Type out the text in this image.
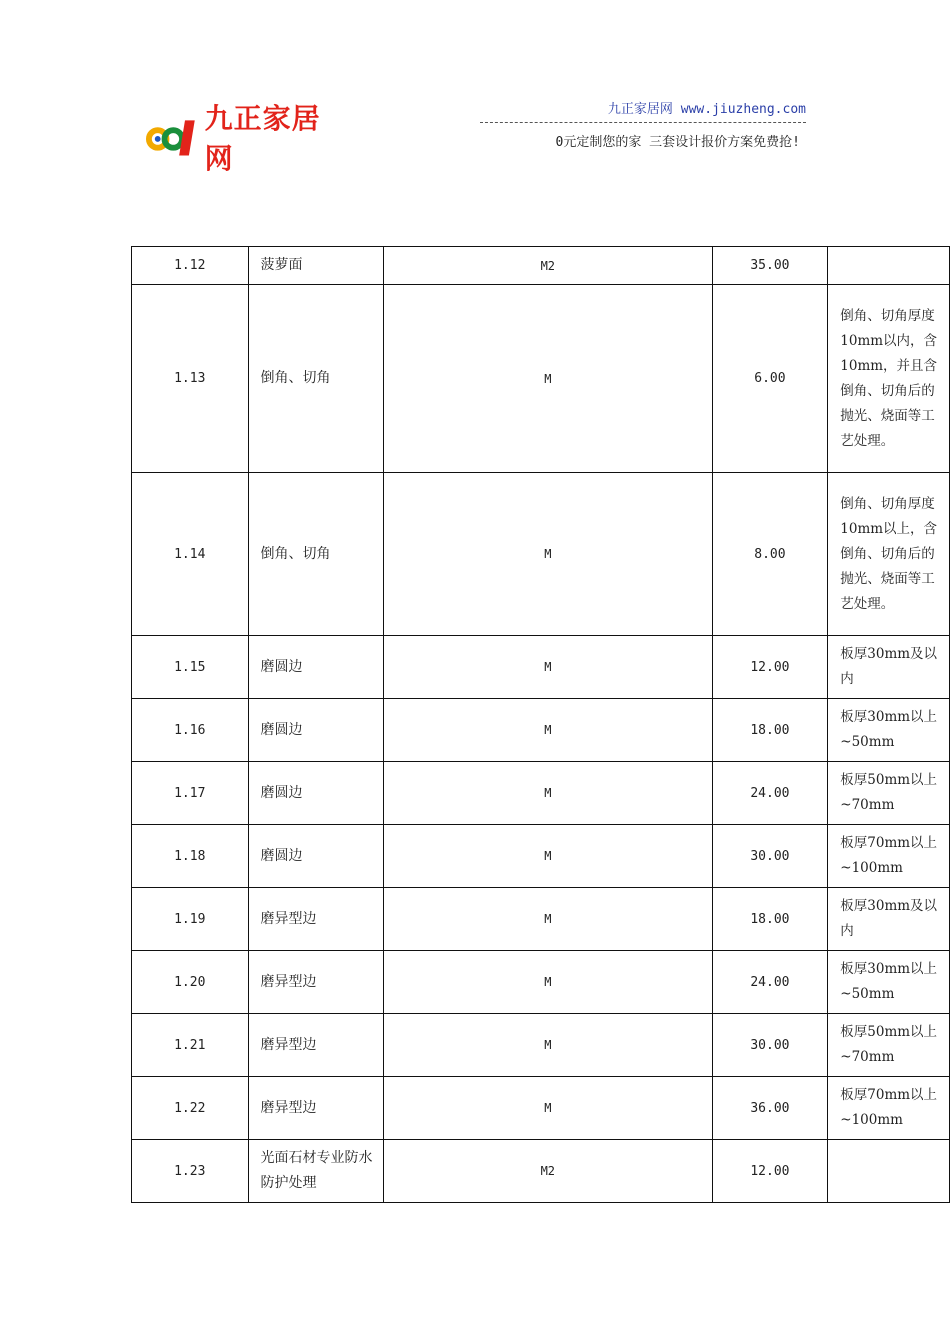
九正家居网
九正家居网 www.jiuzheng.com
0元定制您的家 三套设计报价方案免费抢!
1.12	菠萝面	M2	35.00	
1.13	倒角、切角	M	6.00	倒角、切角厚度10mm以内，含10mm，并且含倒角、切角后的抛光、烧面等工艺处理。
1.14	倒角、切角	M	8.00	倒角、切角厚度10mm以上，含倒角、切角后的抛光、烧面等工艺处理。
1.15	磨圆边	M	12.00	板厚30mm及以内
1.16	磨圆边	M	18.00	板厚30mm以上~50mm
1.17	磨圆边	M	24.00	板厚50mm以上~70mm
1.18	磨圆边	M	30.00	板厚70mm以上~100mm
1.19	磨异型边	M	18.00	板厚30mm及以内
1.20	磨异型边	M	24.00	板厚30mm以上~50mm
1.21	磨异型边	M	30.00	板厚50mm以上~70mm
1.22	磨异型边	M	36.00	板厚70mm以上~100mm
1.23	光面石材专业防水防护处理	M2	12.00	
